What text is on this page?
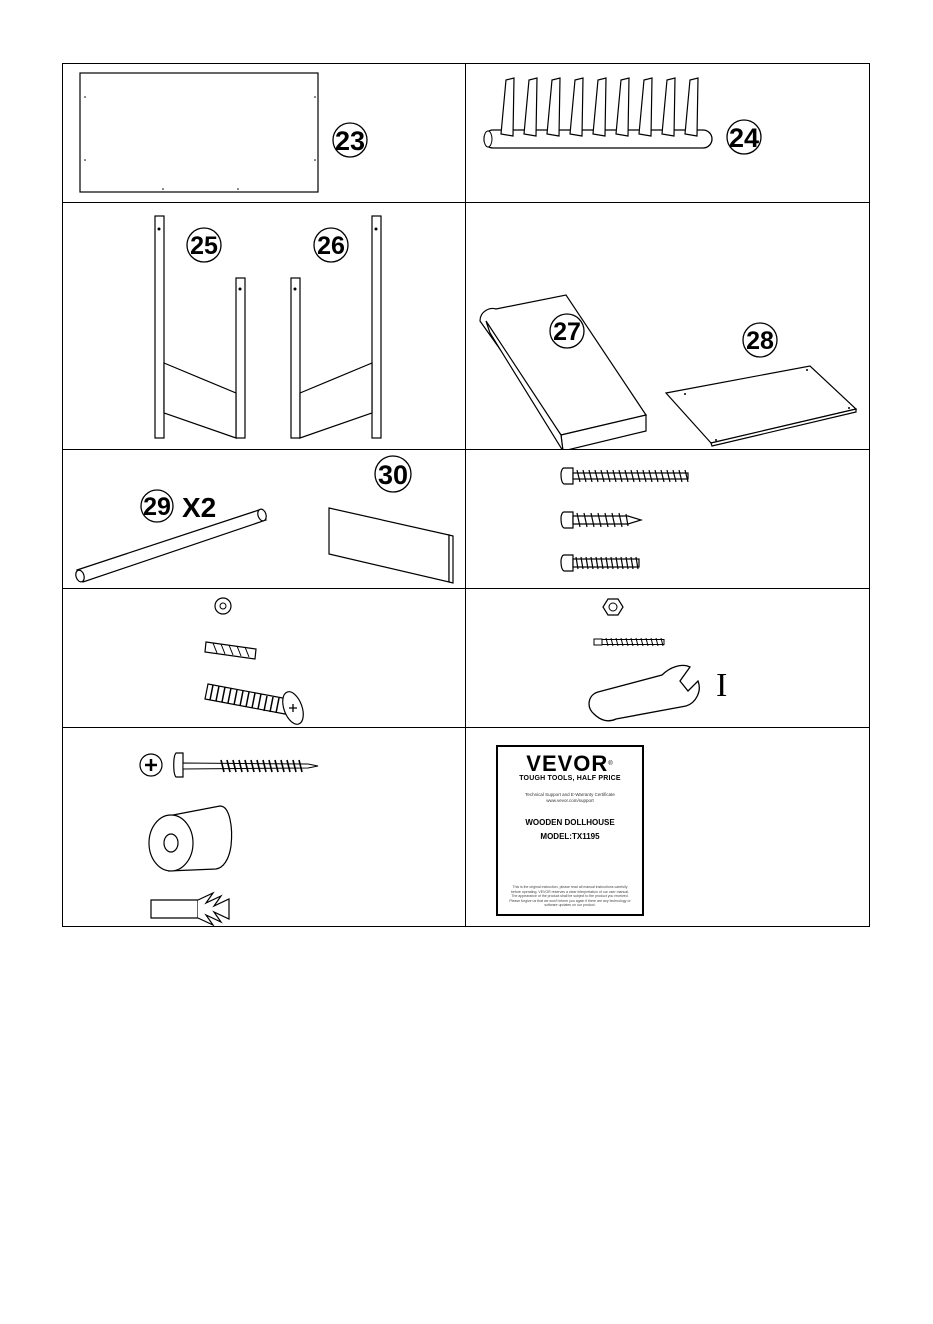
23	24
25	26
27	28
29 X2
30
I
VEVOR®
TOUGH TOOLS, HALF PRICE
Technical Support and E-Warranty Certificate www.vevor.com/support
WOODEN DOLLHOUSE
MODEL:TX1195
This is the original instruction, please read all manual instructions carefully before operating. VEVOR reserves a clear interpretation of our user manual. The appearance of the product shall be subject to the product you received. Please forgive us that we won't inform you again if there are any technology or software updates on our product.
